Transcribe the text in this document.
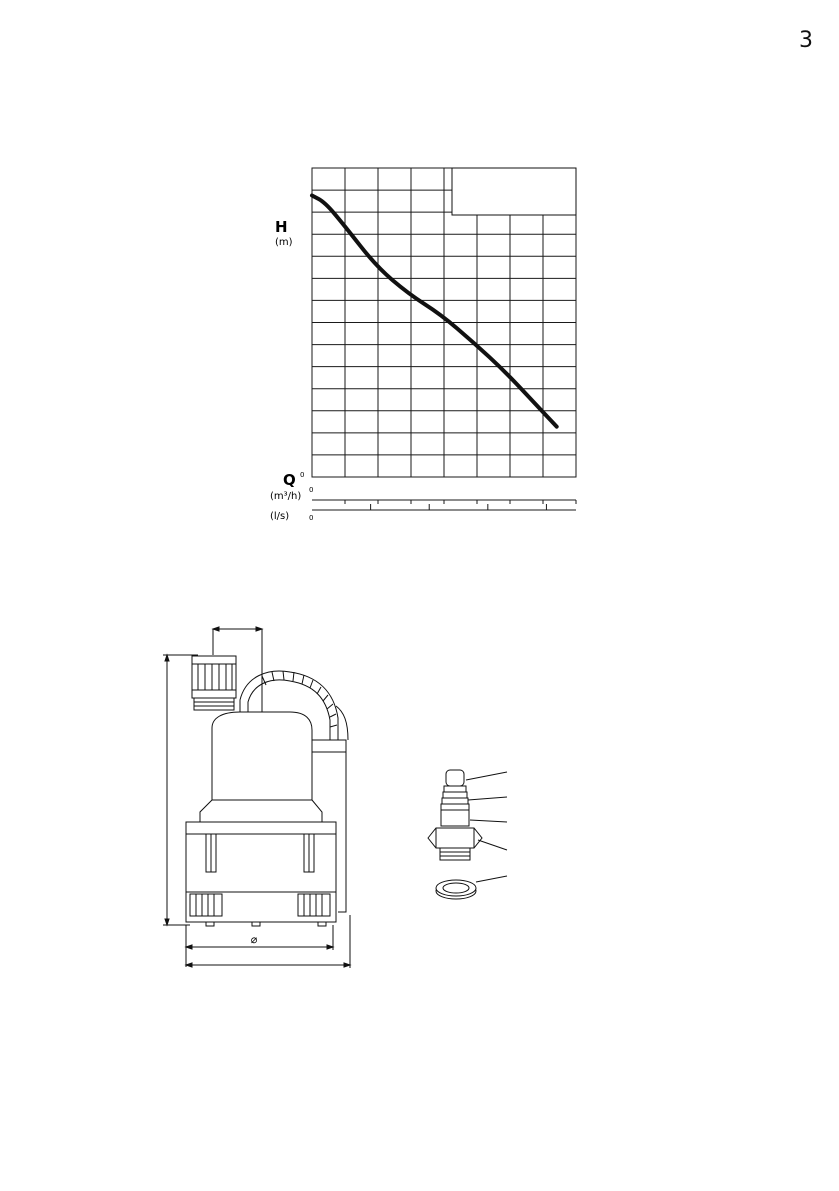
3
H
(m)
0
Q
(m³/h)
0
(l/s)	0
⌀
